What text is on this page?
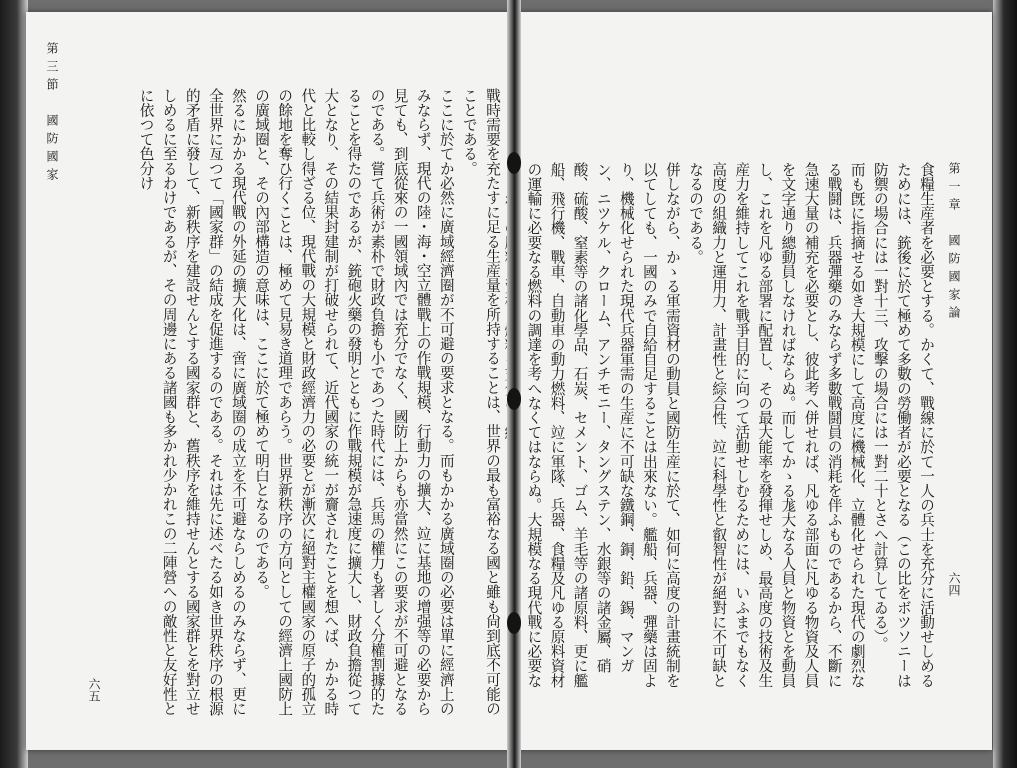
第三節　國防國家
六五	戰時需要を充たすに足る生産量を所持することは、世界の最も富裕なる國と雖も尙到底不可能のことである。

ここに於てか必然に廣域經濟圈が不可避の要求となる。而もかかる廣域圈の必要は單に經濟上のみならず、現代の陸・海・空立體戰上の作戰規模、行動力の擴大、竝に基地の增强等の必要から見ても、到底從來の一國領域內では充分でなく、國防上からも亦當然にこの要求が不可避となるのである。嘗て兵術が素朴で財政負擔も小であつた時代には、兵馬の權力も著しく分權割據的たることを得たのであるが、銃砲火藥の發明とともに作戰規模が急速度に擴大し、財政負擔從つて大となり、その結果封建制が打破せられて、近代國家の統一が齎されたことを想へば、かかる時代と比較し得ざる位、現代戰の大規模と財政經濟力の必要とが漸次に絕對主權國家の原子的孤立の餘地を奪ひ行くことは、極めて見易き道理であらう。世界新秩序の方向としての經濟上國防上の廣域圈と、その內部構造の意味は、ここに於て極めて明白となるのである。

然るにかかる現代戰の外延の擴大化は、啻に廣域圈の成立を不可避ならしめるのみならず、更に全世界に亙つて「國家群」の結成を促進するのである。それは先に述べたる如き世界秩序の根源的矛盾に發して、新秩序を建設せんとする國家群と、舊秩序を維持せんとする國家群とを對立せしめるに至るわけであるが、その周邊にある諸國も多かれ少かれこの二陣營への敵性と友好性とに依つて色分け

第一章　國防國家論
六四

食糧生産者を必要とする。かくて、戰線に於て一人の兵士を充分に活動せしめるためには、銃後に於て極めて多數の勞働者が必要となる（この比をボツソニーは防禦の場合には一對十三、攻擊の場合には一對二十とさへ計算してゐる）。

而も旣に指摘せる如き大規模にして高度に機械化、立體化せられた現代の劇烈なる戰鬪は、兵器彈藥のみならず多數戰鬪員の消耗を伴ふものであるから、不斷に急速大量の補充を必要とし、彼此考へ併せれば、凡ゆる部面に凡ゆる物資及人員を文字通り總動員しなければならぬ。而してかゝる尨大なる人員と物資とを動員し、これを凡ゆる部署に配置し、その最大能率を發揮せしめ、最高度の技術及生産力を維持してこれを戰爭目的に向つて活動せしむるためには、いふまでもなく高度の組織力と運用力、計畫性と綜合性、竝に科學性と叡智性が絕對に不可缺となるのである。

併しながら、かゝる軍需資材の動員と國防生産に於て、如何に高度の計畫統制を以てしても、一國のみで自給自足することは出來ない。艦船、兵器、彈藥は固より、機械化せられた現代兵器軍需の生産に不可缺な鐵鋼、銅、鉛、錫、マンガン、ニツケル、クローム、アンチモニー、タングステン、水銀等の諸金屬、硝酸、硫酸、窒素等の諸化學品、石炭、セメント、ゴム、羊毛等の諸原料、更に艦船、飛行機、戰車、自動車の動力燃料、竝に軍隊、兵器、食糧及凡ゆる原料資材の運輸に必要なる燃料の調達を考へなくてはならぬ。大規模なる現代戰に必要な
